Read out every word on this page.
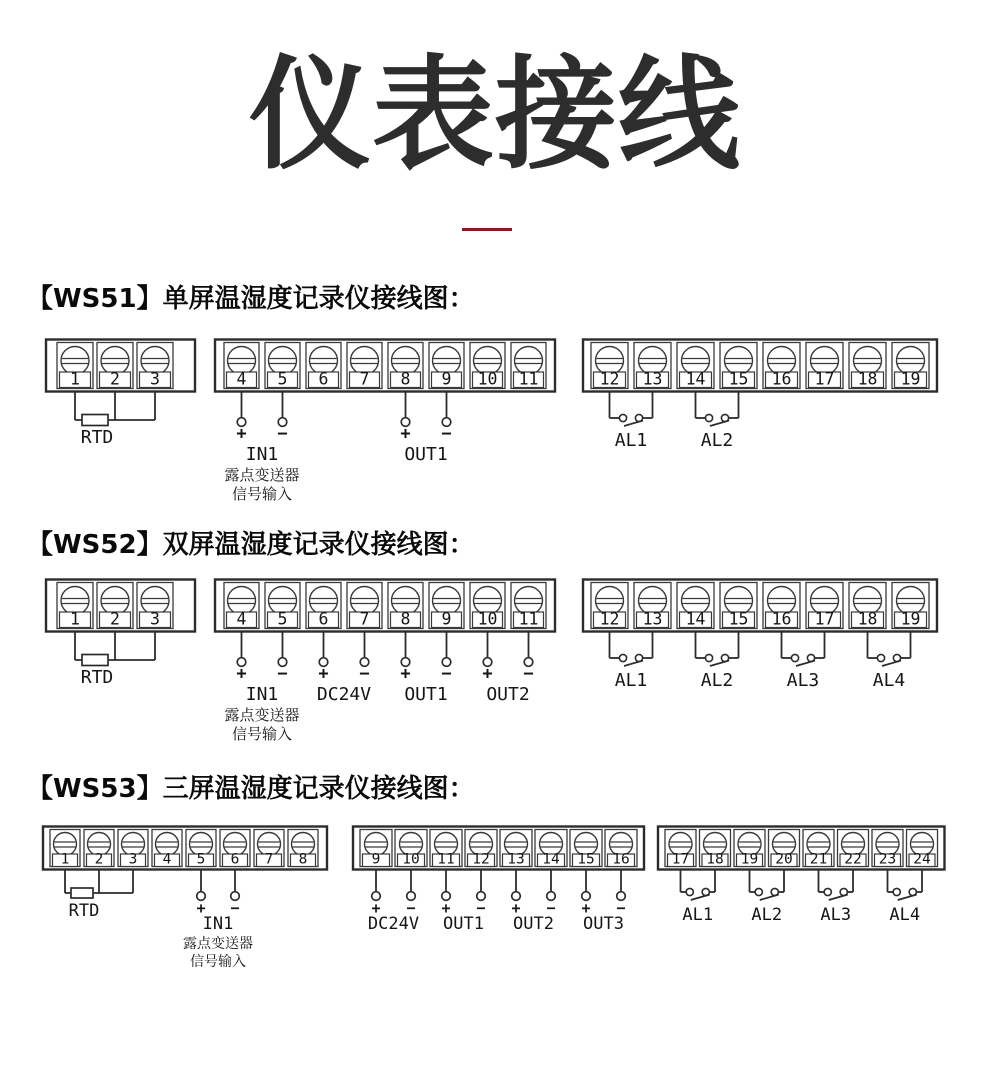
仪表接线
【WS51】单屏温湿度记录仪接线图：
1 2 3
RTD
4 5 6 7 8 9 10 11
+ −
IN1
露点变送器
信号输入
+ −
OUT1
12 13 14 15 16 17 18 19
AL1	AL2
【WS52】双屏温湿度记录仪接线图：
1 2 3
RTD
4 5 6 7 8 9 10 11
+ −
IN1
露点变送器
信号输入
+ −
DC24V
+ −
OUT1
+ −
OUT2
12 13 14 15 16 17 18 19
AL1	AL2	AL3	AL4
【WS53】三屏温湿度记录仪接线图：
1 2 3 4 5 6 7 8
RTD	+ −
IN1
露点变送器
信号输入
9 10 11 12 13 14 15 16
+ −
DC24V
+ −
OUT1
+ −
OUT2
+ −
OUT3
17 18 19 20 21 22 23 24
AL1 AL2 AL3 AL4
